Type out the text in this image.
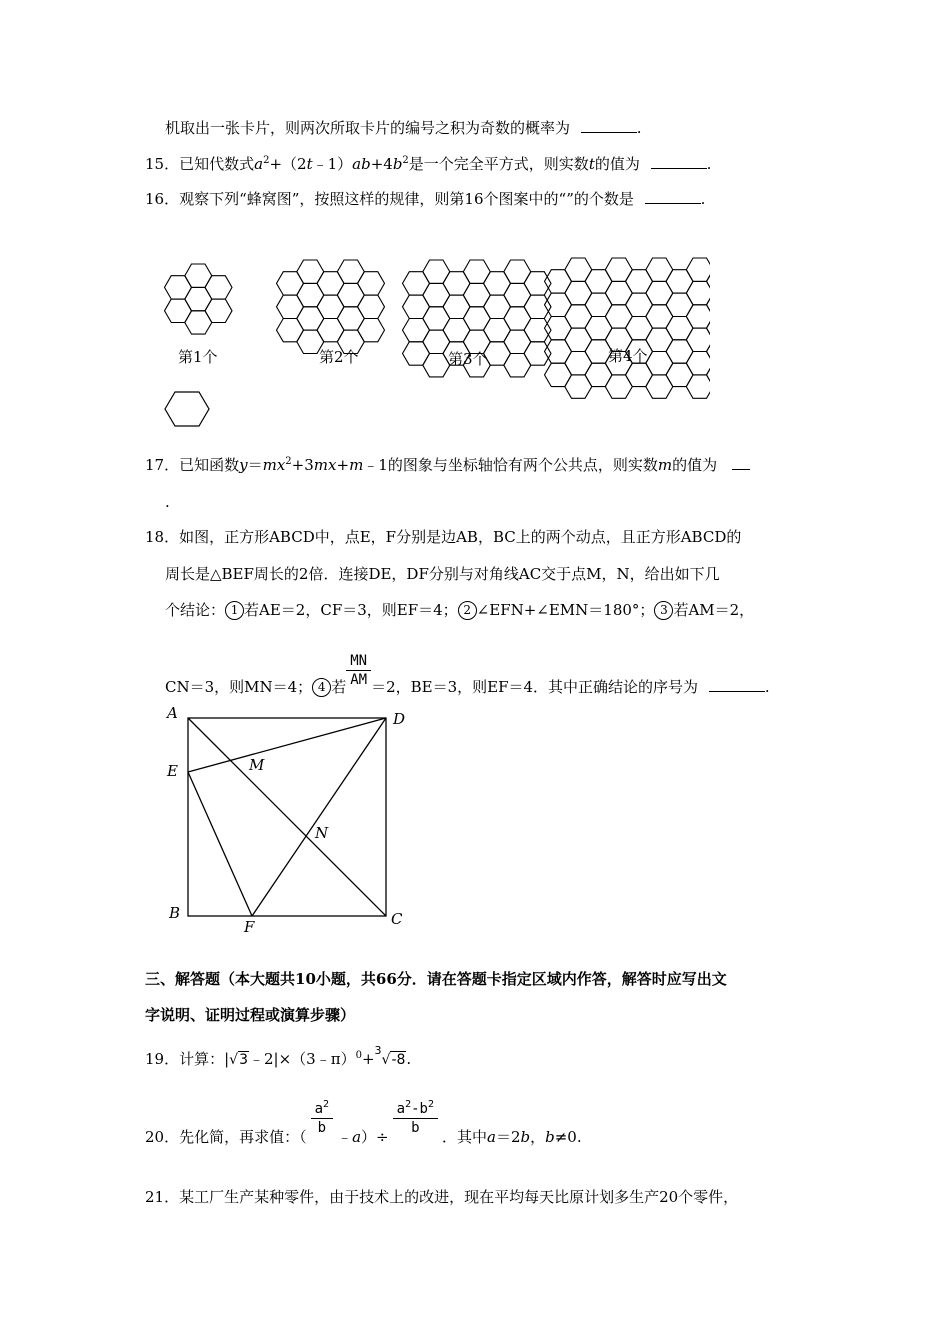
机取出一张卡片，则两次所取卡片的编号之积为奇数的概率为	.
15．已知代数式$a^2+(2t﹣1)ab+4b^2$是一个完全平方式，则实数t的值为	.
16．观察下列“蜂窝图”，按照这样的规律，则第16个图案中的“”的个数是	.
第1个	第2个	第3个	第4个
17．已知函数$y=mx^2+3mx+m﹣1$的图象与坐标轴恰有两个公共点，则实数m的值为
.
18．如图，正方形ABCD中，点E，F分别是边AB，BC上的两个动点，且正方形ABCD的
周长是△BEF周长的2倍．连接DE，DF分别与对角线AC交于点M，N，给出如下几
个结论： 1 若AE＝2，CF＝3，则EF＝4； 2 ∠EFN+∠EMN＝180°； 3 若AM＝2，
CN＝3，则MN＝4； 4 若 $\frac{MN}{AM} =2$，BE＝3，则EF＝4．其中正确结论的序号为	.
A	D
E	M
N
B
F	C
三、解答题（本大题共10小题，共66分．请在答题卡指定区域内作答，解答时应写出文
字说明、证明过程或演算步骤）
19．计算：|√3﹣2|×（3﹣π）$^0$+$^3$√-8.
20．先化简，再求值：（ $\frac{a^2}{b}$ ﹣a）÷ $\frac{a^2-b^2}{b}$ ．其中a＝2b，b≠0.
21．某工厂生产某种零件，由于技术上的改进，现在平均每天比原计划多生产20个零件，
